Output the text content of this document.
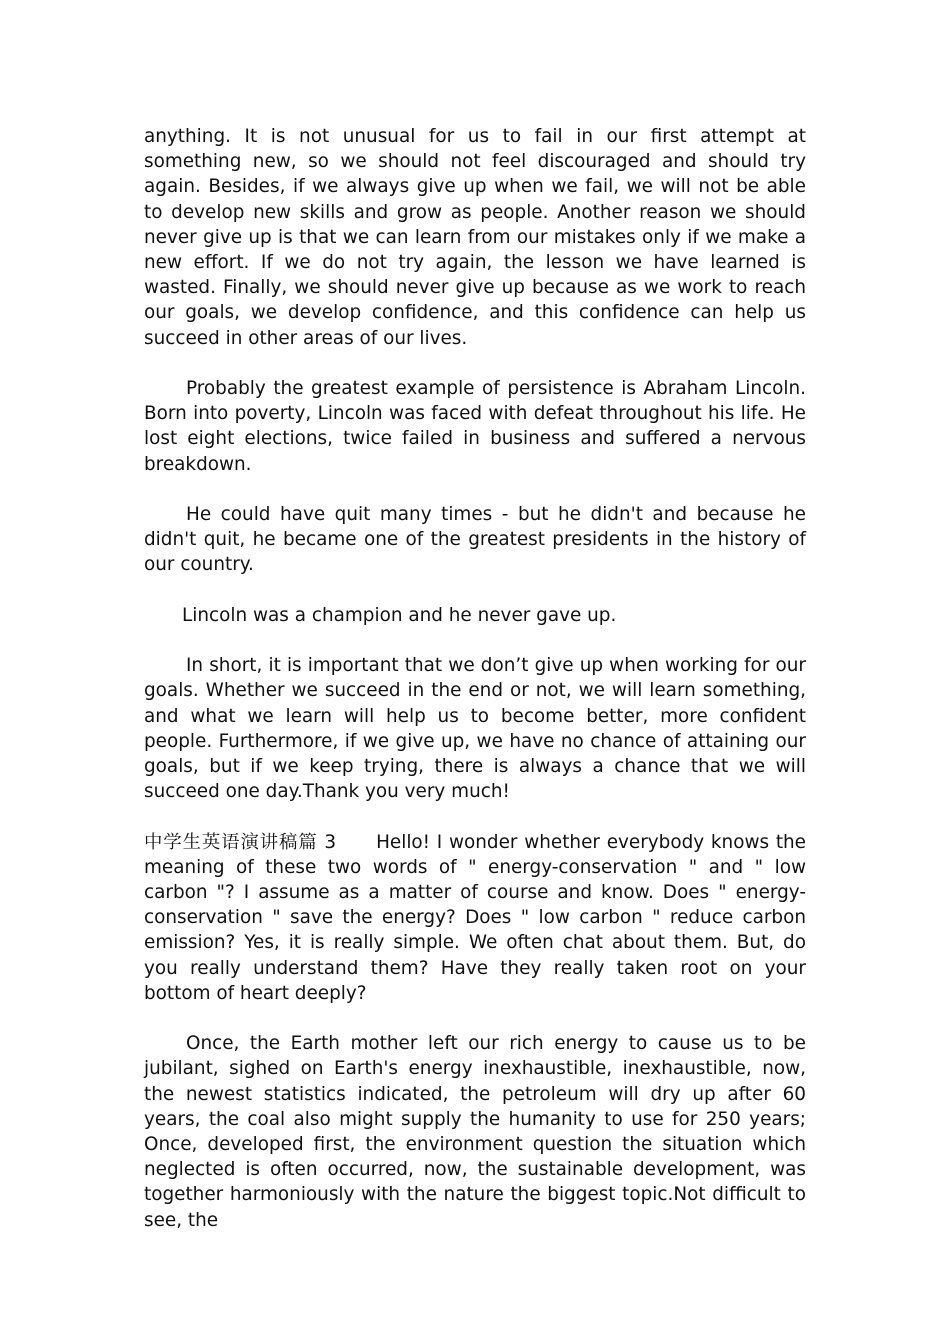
anything. It is not unusual for us to fail in our first attempt at something new, so we should not feel discouraged and should try again. Besides, if we always give up when we fail, we will not be able to develop new skills and grow as people. Another reason we should never give up is that we can learn from our mistakes only if we make a new effort. If we do not try again, the lesson we have learned is wasted. Finally, we should never give up because as we work to reach our goals, we develop confidence, and this confidence can help us succeed in other areas of our lives.

Probably the greatest example of persistence is Abraham Lincoln. Born into poverty, Lincoln was faced with defeat throughout his life. He lost eight elections, twice failed in business and suffered a nervous breakdown.

He could have quit many times - but he didn't and because he didn't quit, he became one of the greatest presidents in the history of our country.

Lincoln was a champion and he never gave up.

In short, it is important that we don’t give up when working for our goals. Whether we succeed in the end or not, we will learn something, and what we learn will help us to become better, more confident people. Furthermore, if we give up, we have no chance of attaining our goals, but if we keep trying, there is always a chance that we will succeed one day.Thank you very much!

中学生英语演讲稿篇 3 Hello! I wonder whether everybody knows the meaning of these two words of " energy-conservation " and " low carbon "? I assume as a matter of course and know. Does " energy-conservation " save the energy? Does " low carbon " reduce carbon emission? Yes, it is really simple. We often chat about them. But, do you really understand them? Have they really taken root on your bottom of heart deeply?

Once, the Earth mother left our rich energy to cause us to be jubilant, sighed on Earth's energy inexhaustible, inexhaustible, now, the newest statistics indicated, the petroleum will dry up after 60 years, the coal also might supply the humanity to use for 250 years; Once, developed first, the environment question the situation which neglected is often occurred, now, the sustainable development, was together harmoniously with the nature the biggest topic.Not difficult to see, the
